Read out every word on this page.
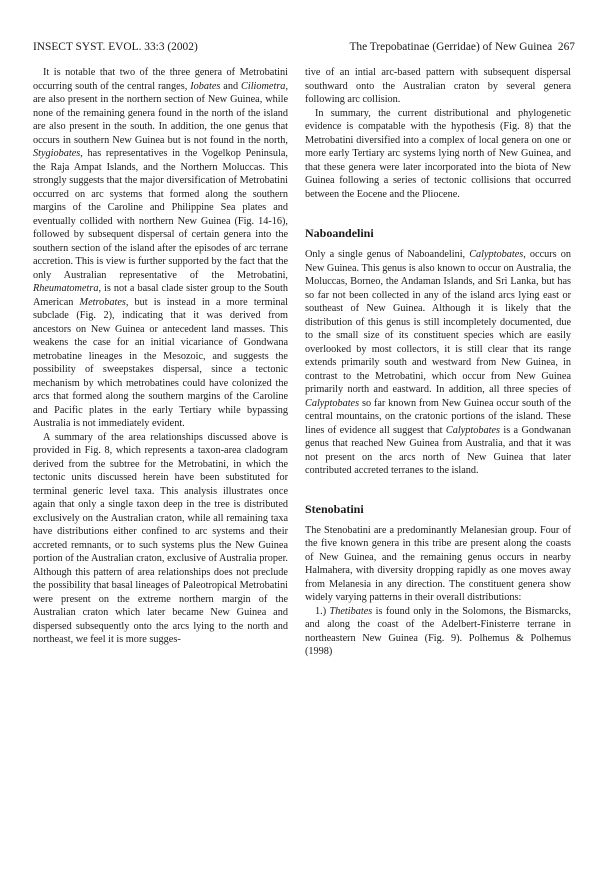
INSECT SYST. EVOL. 33:3 (2002)	The Trepobatinae (Gerridae) of New Guinea 267

It is notable that two of the three genera of Metrobatini occurring south of the central ranges, Iobates and Ciliometra, are also present in the northern section of New Guinea, while none of the remaining genera found in the north of the island are also present in the south. In addition, the one genus that occurs in southern New Guinea but is not found in the north, Stygiobates, has representatives in the Vogelkop Peninsula, the Raja Ampat Islands, and the Northern Moluccas. This strongly suggests that the major diversification of Metrobatini occurred on arc systems that formed along the southern margins of the Caroline and Philippine Sea plates and eventually collided with northern New Guinea (Fig. 14-16), followed by subsequent dispersal of certain genera into the southern section of the island after the episodes of arc terrane accretion. This is view is further supported by the fact that the only Australian representative of the Metrobatini, Rheumatometra, is not a basal clade sister group to the South American Metrobates, but is instead in a more terminal subclade (Fig. 2), indicating that it was derived from ancestors on New Guinea or antecedent land masses. This weakens the case for an initial vicariance of Gondwana metrobatine lineages in the Mesozoic, and suggests the possibility of sweepstakes dispersal, since a tectonic mechanism by which metrobatines could have colonized the arcs that formed along the southern margins of the Caroline and Pacific plates in the early Tertiary while bypassing Australia is not immediately evident.

A summary of the area relationships discussed above is provided in Fig. 8, which represents a taxon-area cladogram derived from the subtree for the Metrobatini, in which the tectonic units discussed herein have been substituted for terminal generic level taxa. This analysis illustrates once again that only a single taxon deep in the tree is distributed exclusively on the Australian craton, while all remaining taxa have distributions either confined to arc systems and their accreted remnants, or to such systems plus the New Guinea portion of the Australian craton, exclusive of Australia proper. Although this pattern of area relationships does not preclude the possibility that basal lineages of Paleotropical Metrobatini were present on the extreme northern margin of the Australian craton which later became New Guinea and dispersed subsequently onto the arcs lying to the north and northeast, we feel it is more sugges-

tive of an intial arc-based pattern with subsequent dispersal southward onto the Australian craton by several genera following arc collision.

In summary, the current distributional and phylogenetic evidence is compatable with the hypothesis (Fig. 8) that the Metrobatini diversified into a complex of local genera on one or more early Tertiary arc systems lying north of New Guinea, and that these genera were later incorporated into the biota of New Guinea following a series of tectonic collisions that occurred between the Eocene and the Pliocene.

Naboandelini

Only a single genus of Naboandelini, Calyptobates, occurs on New Guinea. This genus is also known to occur on Australia, the Moluccas, Borneo, the Andaman Islands, and Sri Lanka, but has so far not been collected in any of the island arcs lying east or southeast of New Guinea. Although it is likely that the distribution of this genus is still incompletely documented, due to the small size of its constituent species which are easily overlooked by most collectors, it is still clear that its range extends primarily south and westward from New Guinea, in contrast to the Metrobatini, which occur from New Guinea primarily north and eastward. In addition, all three species of Calyptobates so far known from New Guinea occur south of the central mountains, on the cratonic portions of the island. These lines of evidence all suggest that Calyptobates is a Gondwanan genus that reached New Guinea from Australia, and that it was not present on the arcs north of New Guinea that later contributed accreted terranes to the island.

Stenobatini

The Stenobatini are a predominantly Melanesian group. Four of the five known genera in this tribe are present along the coasts of New Guinea, and the remaining genus occurs in nearby Halmahera, with diversity dropping rapidly as one moves away from Melanesia in any direction. The constituent genera show widely varying patterns in their overall distributions:

1.) Thetibates is found only in the Solomons, the Bismarcks, and along the coast of the Adelbert-Finisterre terrane in northeastern New Guinea (Fig. 9). Polhemus & Polhemus (1998)
